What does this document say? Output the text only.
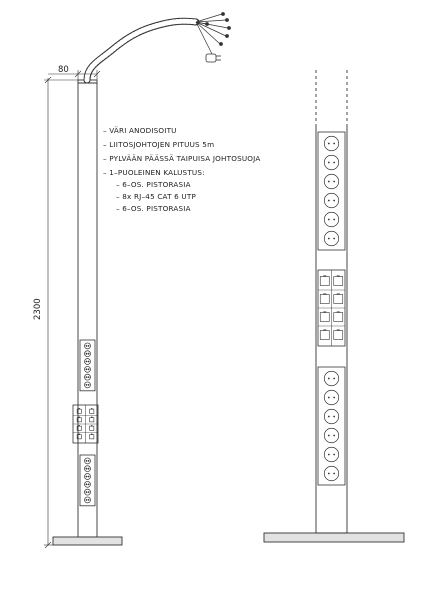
80
2300
– VÄRI ANODISOITU
– LIITOSJOHTOJEN PITUUS 5m
– PYLVÄÄN PÄÄSSÄ TAIPUISA JOHTOSUOJA
– 1–PUOLEINEN KALUSTUS:
– 6–OS. PISTORASIA
– 8x RJ–45 CAT 6 UTP
– 6–OS. PISTORASIA
